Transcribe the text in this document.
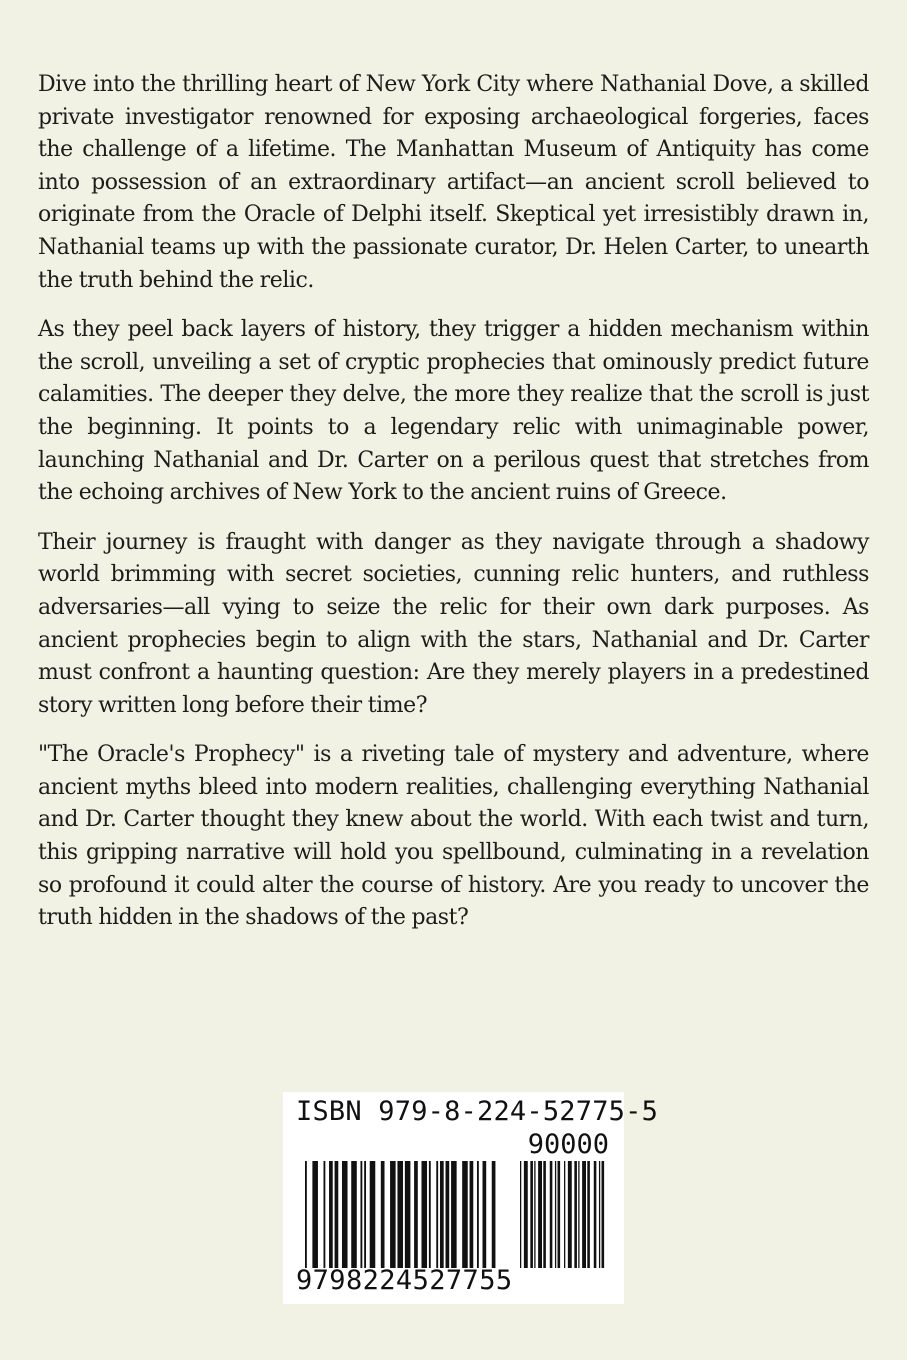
Dive into the thrilling heart of New York City where Nathanial Dove, a skilled private investigator renowned for exposing archaeological forgeries, faces the challenge of a lifetime. The Manhattan Museum of Antiquity has come into possession of an extraordinary artifact—an ancient scroll believed to originate from the Oracle of Delphi itself. Skeptical yet irresistibly drawn in, Nathanial teams up with the passionate curator, Dr. Helen Carter, to unearth the truth behind the relic.

As they peel back layers of history, they trigger a hidden mechanism within the scroll, unveiling a set of cryptic prophecies that ominously predict future calamities. The deeper they delve, the more they realize that the scroll is just the beginning. It points to a legendary relic with unimaginable power, launching Nathanial and Dr. Carter on a perilous quest that stretches from the echoing archives of New York to the ancient ruins of Greece.

Their journey is fraught with danger as they navigate through a shadowy world brimming with secret societies, cunning relic hunters, and ruthless adversaries—all vying to seize the relic for their own dark purposes. As ancient prophecies begin to align with the stars, Nathanial and Dr. Carter must confront a haunting question: Are they merely players in a predestined story written long before their time?

"The Oracle's Prophecy" is a riveting tale of mystery and adventure, where ancient myths bleed into modern realities, challenging everything Nathanial and Dr. Carter thought they knew about the world. With each twist and turn, this gripping narrative will hold you spellbound, culminating in a revelation so profound it could alter the course of history. Are you ready to uncover the truth hidden in the shadows of the past?

ISBN 979-8-224-52775-5
90000
9798224527755
